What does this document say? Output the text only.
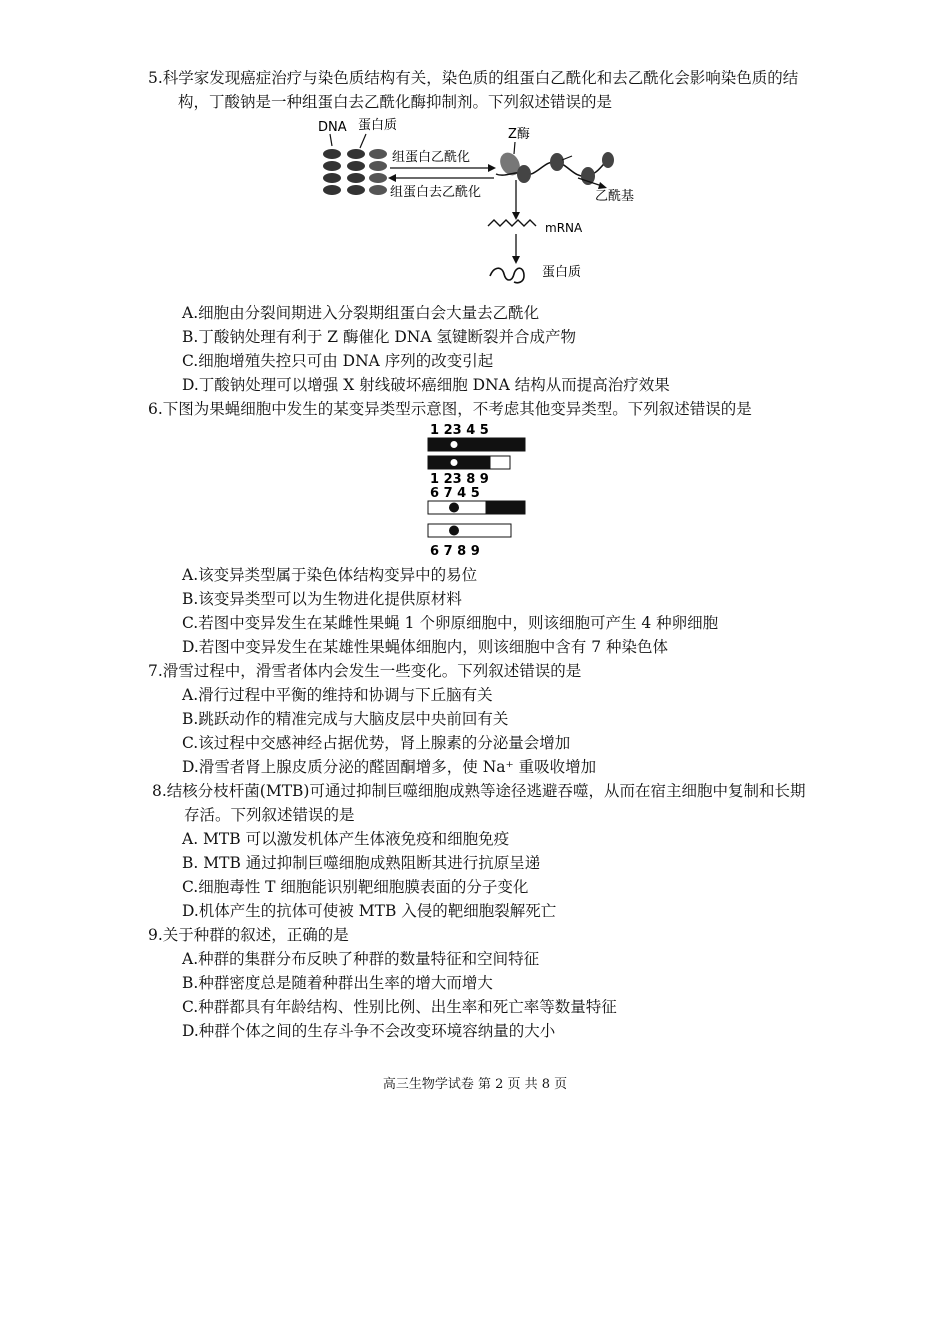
5.科学家发现癌症治疗与染色质结构有关，染色质的组蛋白乙酰化和去乙酰化会影响染色质的结
构，丁酸钠是一种组蛋白去乙酰化酶抑制剂。下列叙述错误的是
DNA 蛋白质
组蛋白乙酰化
组蛋白去乙酰化
Z酶
乙酰基
mRNA
蛋白质
A.细胞由分裂间期进入分裂期组蛋白会大量去乙酰化
B.丁酸钠处理有利于 Z 酶催化 DNA 氢键断裂并合成产物
C.细胞增殖失控只可由 DNA 序列的改变引起
D.丁酸钠处理可以增强 X 射线破坏癌细胞 DNA 结构从而提高治疗效果
6.下图为果蝇细胞中发生的某变异类型示意图，不考虑其他变异类型。下列叙述错误的是
1 23 4 5
1 23 8 9
6 7 4 5
6 7 8 9
A.该变异类型属于染色体结构变异中的易位
B.该变异类型可以为生物进化提供原材料
C.若图中变异发生在某雌性果蝇 1 个卵原细胞中，则该细胞可产生 4 种卵细胞
D.若图中变异发生在某雄性果蝇体细胞内，则该细胞中含有 7 种染色体
7.滑雪过程中，滑雪者体内会发生一些变化。下列叙述错误的是
A.滑行过程中平衡的维持和协调与下丘脑有关
B.跳跃动作的精准完成与大脑皮层中央前回有关
C.该过程中交感神经占据优势，肾上腺素的分泌量会增加
D.滑雪者肾上腺皮质分泌的醛固酮增多，使 Na⁺ 重吸收增加
8.结核分枝杆菌(MTB)可通过抑制巨噬细胞成熟等途径逃避吞噬，从而在宿主细胞中复制和长期
存活。下列叙述错误的是
A. MTB 可以激发机体产生体液免疫和细胞免疫
B. MTB 通过抑制巨噬细胞成熟阻断其进行抗原呈递
C.细胞毒性 T 细胞能识别靶细胞膜表面的分子变化
D.机体产生的抗体可使被 MTB 入侵的靶细胞裂解死亡
9.关于种群的叙述，正确的是
A.种群的集群分布反映了种群的数量特征和空间特征
B.种群密度总是随着种群出生率的增大而增大
C.种群都具有年龄结构、性别比例、出生率和死亡率等数量特征
D.种群个体之间的生存斗争不会改变环境容纳量的大小
高三生物学试卷 第 2 页 共 8 页
